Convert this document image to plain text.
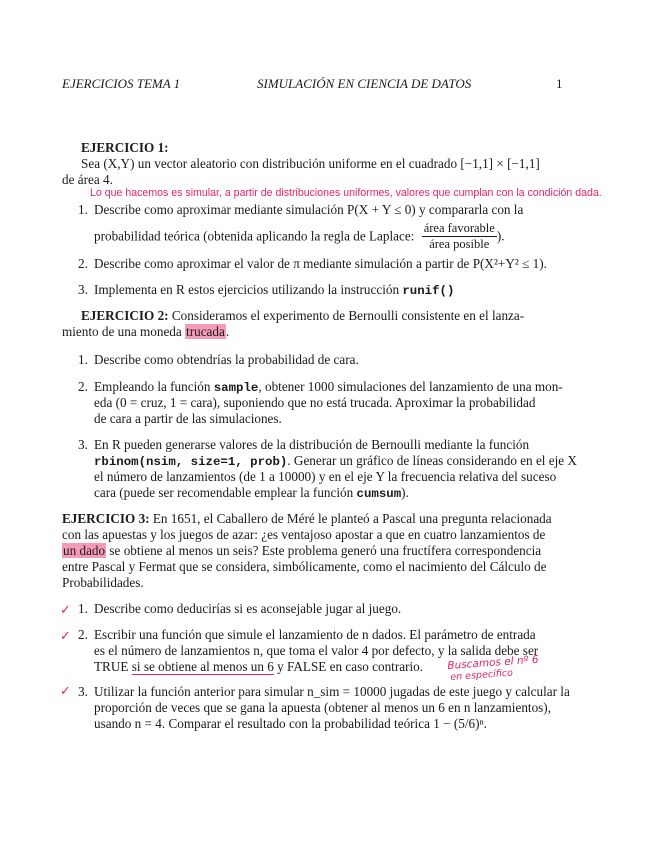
EJERCICIOS TEMA 1	SIMULACIÓN EN CIENCIA DE DATOS	1
EJERCICIO 1:
Sea (X,Y) un vector aleatorio con distribución uniforme en el cuadrado [−1,1] × [−1,1]
de área 4.
Lo que hacemos es simular, a partir de distribuciones uniformes, valores que cumplan con la condición dada.
1. Describe como aproximar mediante simulación P(X + Y ≤ 0) y compararla con la
probabilidad teórica (obtenida aplicando la regla de Laplace: $\frac{\text{área favorable}}{\text{área posible}}$ ).
2. Describe como aproximar el valor de π mediante simulación a partir de P(X²+Y² ≤ 1).
3. Implementa en R estos ejercicios utilizando la instrucción runif()
EJERCICIO 2: Consideramos el experimento de Bernoulli consistente en el lanza-
miento de una moneda trucada.
1. Describe como obtendrías la probabilidad de cara.
2. Empleando la función sample, obtener 1000 simulaciones del lanzamiento de una mon-
eda (0 = cruz, 1 = cara), suponiendo que no está trucada. Aproximar la probabilidad
de cara a partir de las simulaciones.
3. En R pueden generarse valores de la distribución de Bernoulli mediante la función
rbinom(nsim, size=1, prob). Generar un gráfico de líneas considerando en el eje X
el número de lanzamientos (de 1 a 10000) y en el eje Y la frecuencia relativa del suceso
cara (puede ser recomendable emplear la función cumsum).
EJERCICIO 3: En 1651, el Caballero de Méré le planteó a Pascal una pregunta relacionada
con las apuestas y los juegos de azar: ¿es ventajoso apostar a que en cuatro lanzamientos de
un dado se obtiene al menos un seis? Este problema generó una fructífera correspondencia
entre Pascal y Fermat que se considera, simbólicamente, como el nacimiento del Cálculo de
Probabilidades.
✓ 1. Describe como deducirías si es aconsejable jugar al juego.
✓ 2. Escribir una función que simule el lanzamiento de n dados. El parámetro de entrada
es el número de lanzamientos n, que toma el valor 4 por defecto, y la salida debe ser
TRUE si se obtiene al menos un 6 y FALSE en caso contrario. Buscamos el nº 6
en específico
✓ 3. Utilizar la función anterior para simular n_sim = 10000 jugadas de este juego y calcular la
proporción de veces que se gana la apuesta (obtener al menos un 6 en n lanzamientos),
usando n = 4. Comparar el resultado con la probabilidad teórica 1 − (5/6)ⁿ.
